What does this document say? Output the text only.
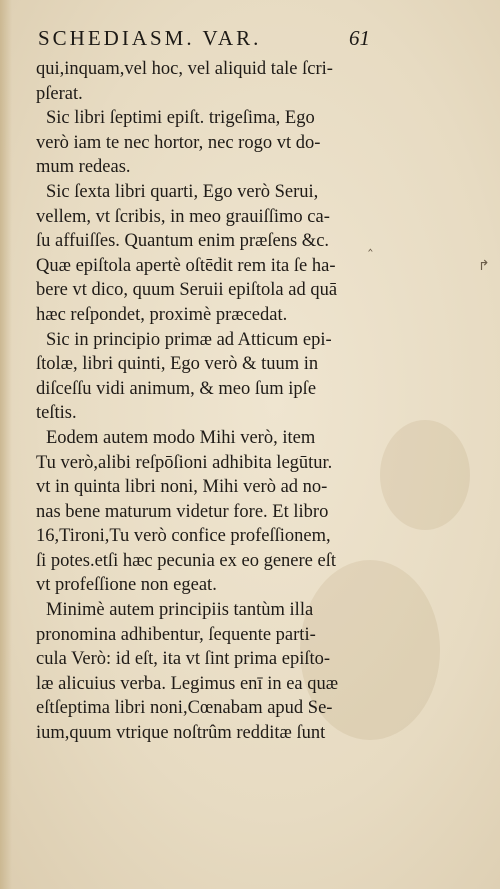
↱
‸
SCHEDIASM. VAR.	61
qui,inquam,vel hoc, vel aliquid tale ſcri-
pſerat.
Sic libri ſeptimi epiſt. trigeſima, Ego
verò iam te nec hortor, nec rogo vt do-
mum redeas.
Sic ſexta libri quarti, Ego verò Serui,
vellem, vt ſcribis, in meo grauiſſimo ca-
ſu affuiſſes. Quantum enim præſens &c.
Quæ epiſtola apertè oſtēdit rem ita ſe ha-
bere vt dico, quum Seruii epiſtola ad quā
hæc reſpondet, proximè præcedat.
Sic in principio primæ ad Atticum epi-
ſtolæ, libri quinti, Ego verò & tuum in
diſceſſu vidi animum, & meo ſum ipſe
teſtis.
Eodem autem modo Mihi verò, item
Tu verò,alibi reſpōſioni adhibita legūtur.
vt in quinta libri noni, Mihi verò ad no-
nas bene maturum videtur fore. Et libro
16,Tironi,Tu verò confice profeſſionem,
ſi potes.etſi hæc pecunia ex eo genere eſt
vt profeſſione non egeat.
Minimè autem principiis tantùm illa
pronomina adhibentur, ſequente parti-
cula Verò: id eſt, ita vt ſint prima epiſto-
læ alicuius verba. Legimus enī in ea quæ
eſtſeptima libri noni,Cœnabam apud Se-
ium,quum vtrique noſtrûm redditæ ſunt
